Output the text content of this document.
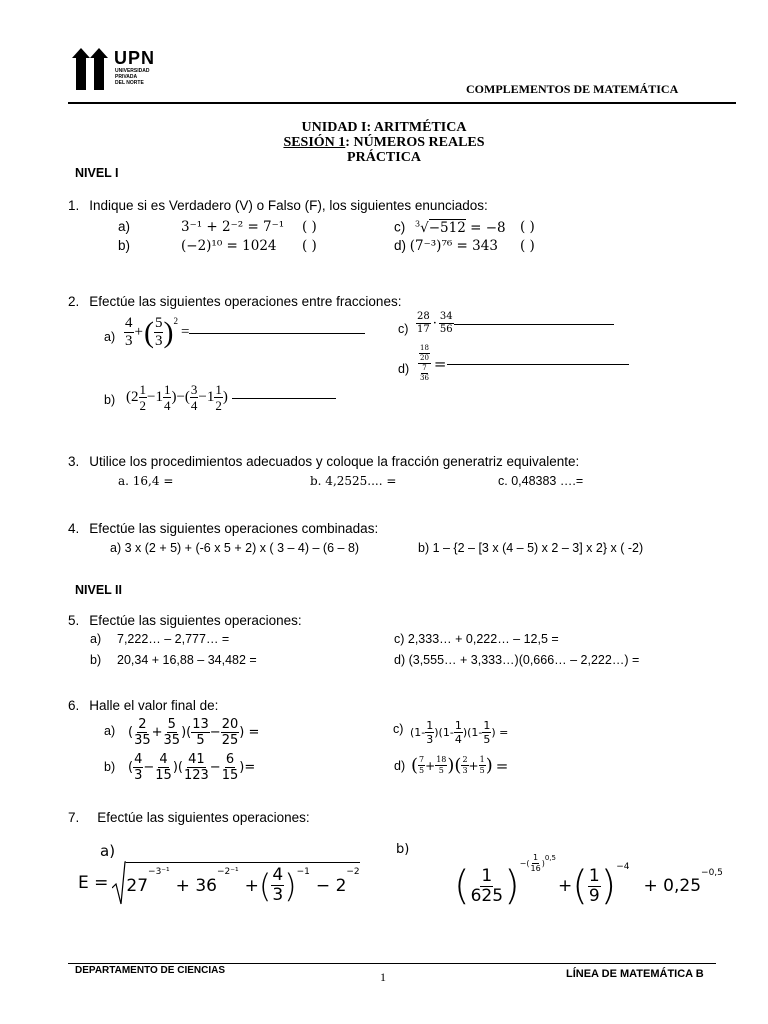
UPN
UNIVERSIDAD
PRIVADA
DEL NORTE	COMPLEMENTOS DE MATEMÁTICA
UNIDAD I: ARITMÉTICA
SESIÓN 1: NÚMEROS REALES
PRÁCTICA
NIVEL I
1. Indique si es Verdadero (V) o Falso (F), los siguientes enunciados:
a)	3⁻¹ + 2⁻² = 7⁻¹ ( )
b)	(−2)¹⁰ = 1024 ( )
c) $^3$√−512 = −8 ( )
d) (7⁻³)⁷⁶ = 343 ( )
2. Efectúe las siguientes operaciones entre fracciones:
$a) \frac{4}{3}$ + ( $\frac{5}{3} )^2$
=
b) ($2 \frac{1}{2} -1 \frac{1}{4}$ )−( $\frac{3}{4} -1 \frac{1}{2}$ )
$c) \frac{28}{17} \cdot \frac{34}{56}$
$d) \frac{\frac{18}{20}}{\frac{7}{36}}$ =
3. Utilice los procedimientos adecuados y coloque la fracción generatriz equivalente:
a. 16,4 =	b. 4,2525.... =	c. 0,48383 ….=
4. Efectúe las siguientes operaciones combinadas:
a) 3 x (2 + 5) + (-6 x 5 + 2) x ( 3 – 4) – (6 – 8)	b) 1 – {2 – [3 x (4 – 5) x 2 – 3] x 2} x ( -2)
NIVEL II
5. Efectúe las siguientes operaciones:
a) 7,222… – 2,777… =
b) 20,34 + 16,88 – 34,482 =
c) 2,333… + 0,222… – 12,5 =
d) (3,555… + 3,333…)(0,666… – 2,222…) =
6. Halle el valor final de:
a) ( $\frac{2}{35} + \frac{5}{35}$ )( $\frac{13}{5} - \frac{20}{25}$ ) =
b) ( $\frac{4}{3} - \frac{4}{15}$ )( $\frac{41}{123} - \frac{6}{15}$ )=
c) $(1- \frac{1}{3} )(1- \frac{1}{4} )(1- \frac{1}{5}$ ) =
d) ( $\frac{7}{5} + \frac{18}{5}$ ) ( $\frac{2}{3} + \frac{1}{5}$ ) =
7. Efectúe las siguientes operaciones:
a)	b)
E = 27
$^{-3^{-1}}$
+ 36
$^{-2^{-1}}$
+ ( $\frac{4}{3} )^{-1}$
− 2
$^{-2}$ ( $\frac{1}{625}$ ) −( $\frac{1}{16}$ )
0,5
+ ( $\frac{1}{9} )^{-4}$
+ 0,25
$^{-0,5}$
DEPARTAMENTO DE CIENCIAS	1	LÍNEA DE MATEMÁTICA B
